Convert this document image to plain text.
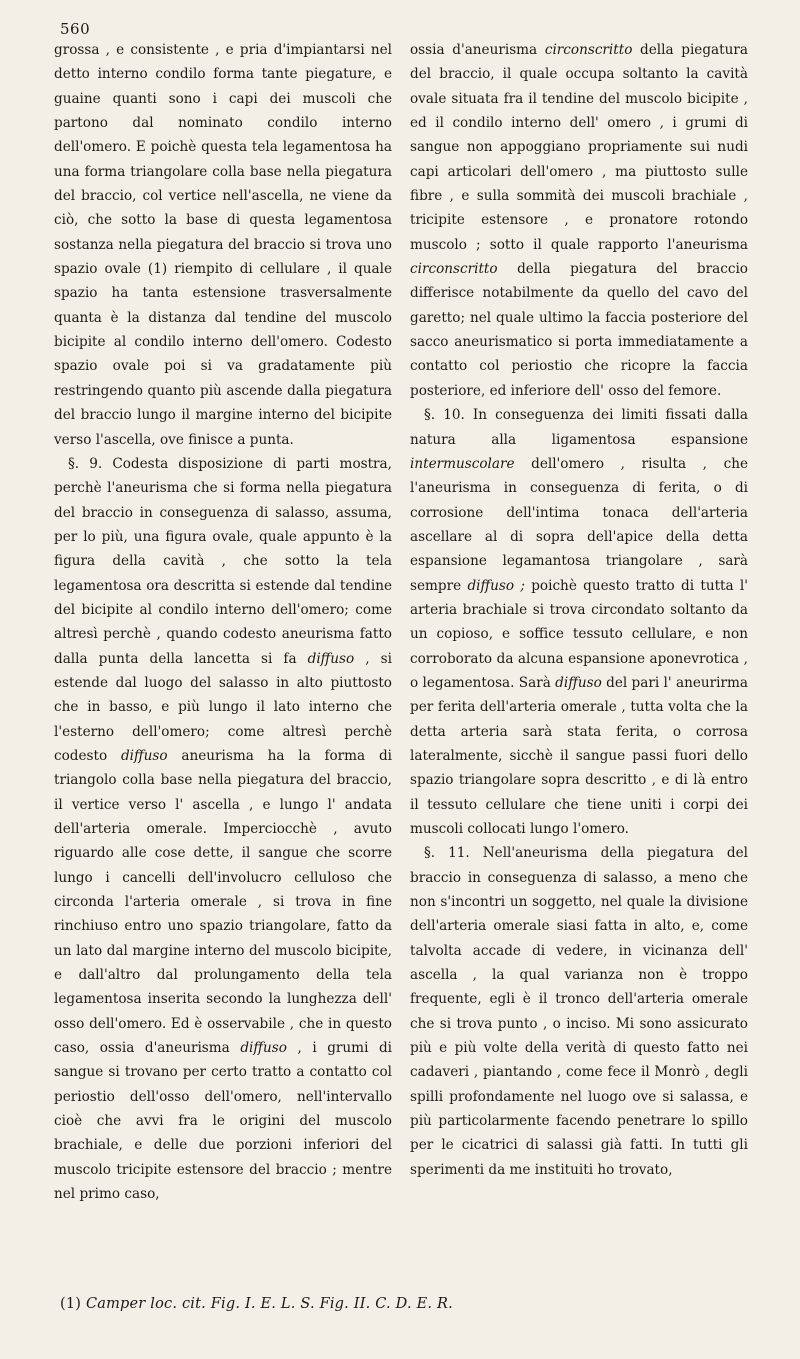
560

grossa , e consistente , e pria d'impiantarsi nel detto interno condilo forma tante piegature, e guaine quanti sono i capi dei muscoli che partono dal nominato condilo interno dell'omero. E poichè questa tela legamentosa ha una forma triangolare colla base nella piegatura del braccio, col vertice nell'ascella, ne viene da ciò, che sotto la base di questa legamentosa sostanza nella piegatura del braccio si trova uno spazio ovale (1) riempito di cellulare , il quale spazio ha tanta estensione trasversalmente quanta è la distanza dal tendine del muscolo bicipite al condilo interno dell'omero. Codesto spazio ovale poi si va gradatamente più restringendo quanto più ascende dalla piegatura del braccio lungo il margine interno del bicipite verso l'ascella, ove finisce a punta.

§. 9. Codesta disposizione di parti mostra, perchè l'aneurisma che si forma nella piegatura del braccio in conseguenza di salasso, assuma, per lo più, una figura ovale, quale appunto è la figura della cavità , che sotto la tela legamentosa ora descritta si estende dal tendine del bicipite al condilo interno dell'omero; come altresì perchè , quando codesto aneurisma fatto dalla punta della lancetta si fa diffuso , si estende dal luogo del salasso in alto piuttosto che in basso, e più lungo il lato interno che l'esterno dell'omero; come altresì perchè codesto diffuso aneurisma ha la forma di triangolo colla base nella piegatura del braccio, il vertice verso l' ascella , e lungo l' andata dell'arteria omerale. Imperciocchè , avuto riguardo alle cose dette, il sangue che scorre lungo i cancelli dell'involucro celluloso che circonda l'arteria omerale , si trova in fine rinchiuso entro uno spazio triangolare, fatto da un lato dal margine interno del muscolo bicipite, e dall'altro dal prolungamento della tela legamentosa inserita secondo la lunghezza dell' osso dell'omero. Ed è osservabile , che in questo caso, ossia d'aneurisma diffuso , i grumi di sangue si trovano per certo tratto a contatto col periostio dell'osso dell'omero, nell'intervallo cioè che avvi fra le origini del muscolo brachiale, e delle due porzioni inferiori del muscolo tricipite estensore del braccio ; mentre nel primo caso,

ossia d'aneurisma circonscritto della piegatura del braccio, il quale occupa soltanto la cavità ovale situata fra il tendine del muscolo bicipite , ed il condilo interno dell' omero , i grumi di sangue non appoggiano propriamente sui nudi capi articolari dell'omero , ma piuttosto sulle fibre , e sulla sommità dei muscoli brachiale , tricipite estensore , e pronatore rotondo muscolo ; sotto il quale rapporto l'aneurisma circonscritto della piegatura del braccio differisce notabilmente da quello del cavo del garetto; nel quale ultimo la faccia posteriore del sacco aneurismatico si porta immediatamente a contatto col periostio che ricopre la faccia posteriore, ed inferiore dell' osso del femore.

§. 10. In conseguenza dei limiti fissati dalla natura alla ligamentosa espansione intermuscolare dell'omero , risulta , che l'aneurisma in conseguenza di ferita, o di corrosione dell'intima tonaca dell'arteria ascellare al di sopra dell'apice della detta espansione legamantosa triangolare , sarà sempre diffuso ; poichè questo tratto di tutta l' arteria brachiale si trova circondato soltanto da un copioso, e soffice tessuto cellulare, e non corroborato da alcuna espansione aponevrotica , o legamentosa. Sarà diffuso del pari l' aneurirma per ferita dell'arteria omerale , tutta volta che la detta arteria sarà stata ferita, o corrosa lateralmente, sicchè il sangue passi fuori dello spazio triangolare sopra descritto , e di là entro il tessuto cellulare che tiene uniti i corpi dei muscoli collocati lungo l'omero.

§. 11. Nell'aneurisma della piegatura del braccio in conseguenza di salasso, a meno che non s'incontri un soggetto, nel quale la divisione dell'arteria omerale siasi fatta in alto, e, come talvolta accade di vedere, in vicinanza dell' ascella , la qual varianza non è troppo frequente, egli è il tronco dell'arteria omerale che si trova punto , o inciso. Mi sono assicurato più e più volte della verità di questo fatto nei cadaveri , piantando , come fece il Monrò , degli spilli profondamente nel luogo ove si salassa, e più particolarmente facendo penetrare lo spillo per le cicatrici di salassi già fatti. In tutti gli sperimenti da me instituiti ho trovato,

(1) Camper loc. cit. Fig. I. E. L. S. Fig. II. C. D. E. R.
